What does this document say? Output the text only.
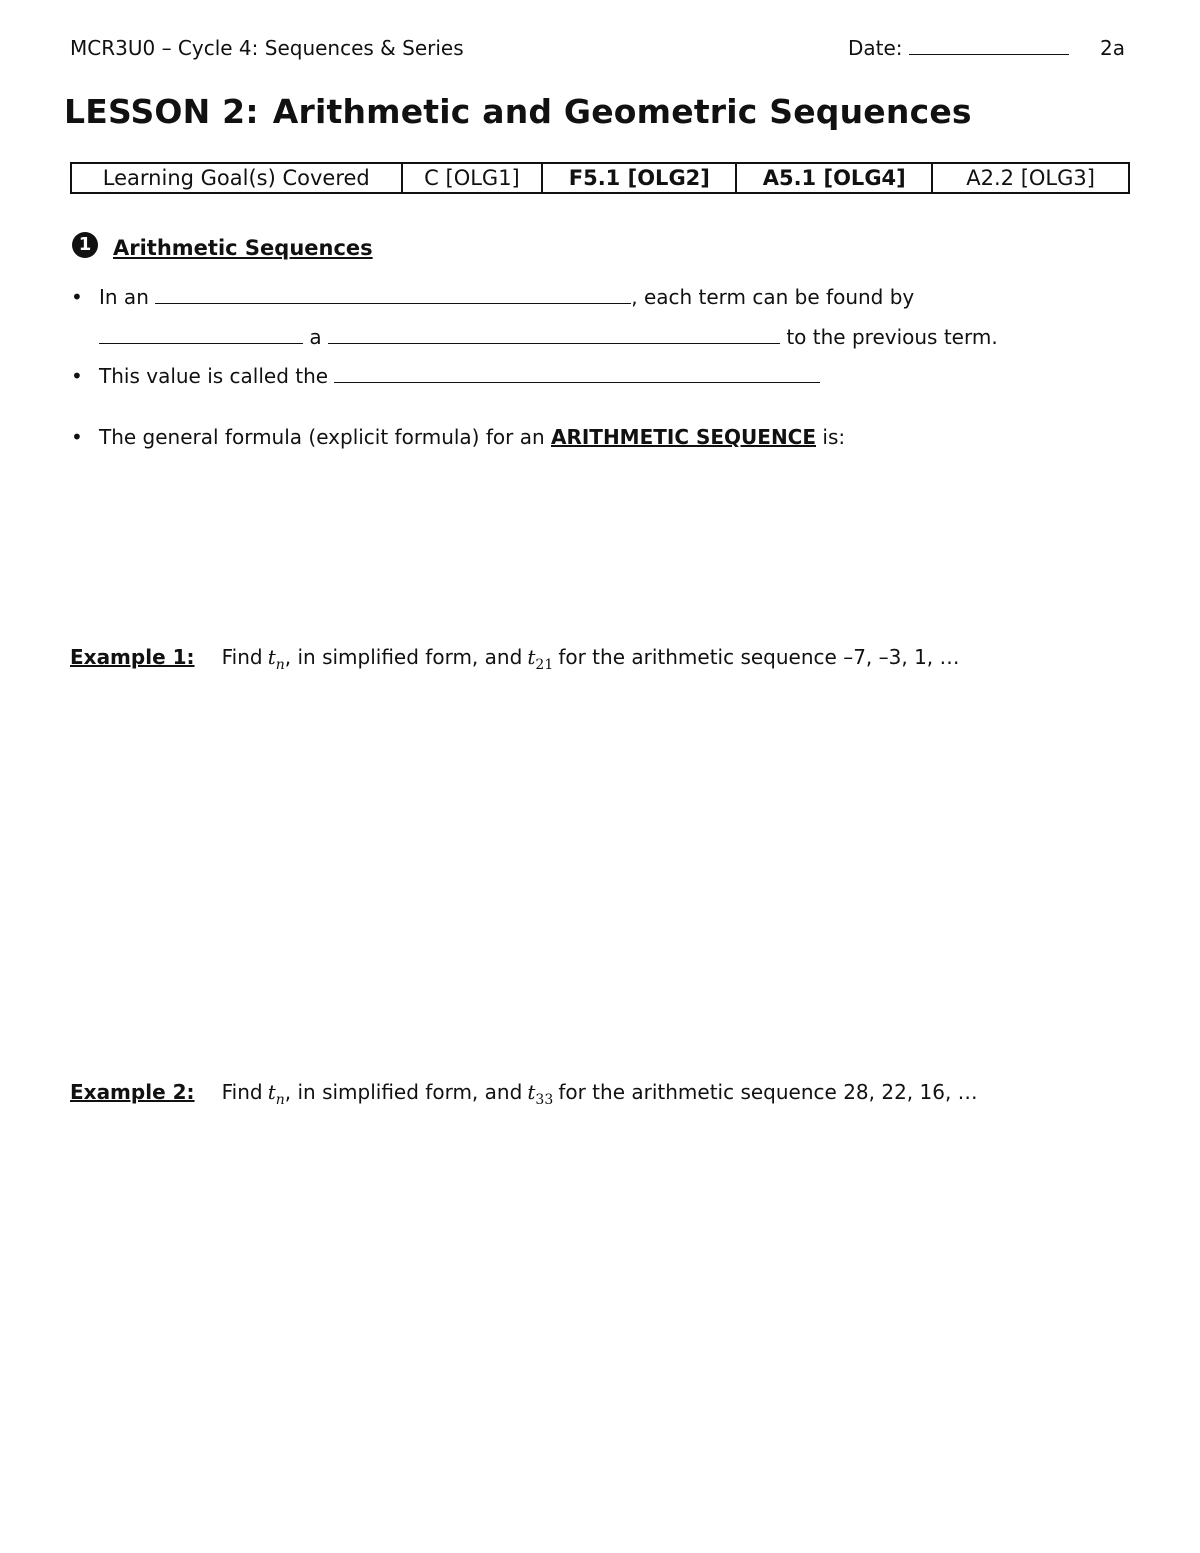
MCR3U0 – Cycle 4: Sequences & Series	Date:	2a
LESSON 2: Arithmetic and Geometric Sequences
Learning Goal(s) Covered	C [OLG1]	F5.1 [OLG2]	A5.1 [OLG4]	A2.2 [OLG3]
1	Arithmetic Sequences
• In an	, each term can be found by
a	to the previous term.
• This value is called the
• The general formula (explicit formula) for an ARITHMETIC SEQUENCE is:
Example 1: Find $t_n$, in simplified form, and $t_{21}$ for the arithmetic sequence –7, –3, 1, …
Example 2: Find $t_n$, in simplified form, and $t_{33}$ for the arithmetic sequence 28, 22, 16, …
